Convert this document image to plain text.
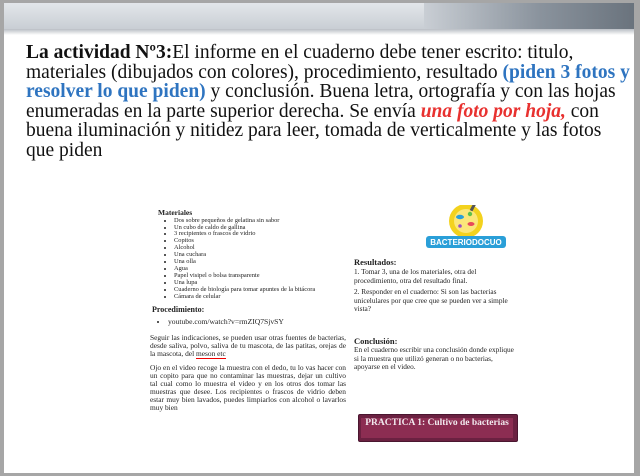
La actividad Nº3:El informe en el cuaderno debe tener escrito: titulo, materiales (dibujados con colores), procedimiento, resultado (piden 3 fotos y resolver lo que piden) y conclusión. Buena letra, ortografía y con las hojas enumeradas en la parte superior derecha. Se envía una foto por hoja, con buena iluminación y nitidez para leer, tomada de verticalmente y las fotos que piden

Materiales
• Dos sobre pequeños de gelatina sin sabor
• Un cubo de caldo de gallina
• 3 recipientes o frascos de vidrio
• Copitos
• Alcohol
• Una cuchara
• Una olla
• Agua
• Papel visipel o bolsa transparente
• Una lupa
• Cuaderno de biología para tomar apuntes de la bitácora
• Cámara de celular
Procedimiento:
• youtube.com/watch?v=rmZIQ7SjvSY
Seguir las indicaciones, se pueden usar otras fuentes de bacterias, desde saliva, polvo, saliva de tu mascota, de las patitas, orejas de la mascota, del meson etc
Ojo en el video recoge la muestra con el dedo, tu lo vas hacer con un copito para que no contaminar las muestras, dejar un cultivo tal cual como lo muestra el video y en los otros dos tomar las muestras que desee. Los recipientes o frascos de vidrio deben estar muy bien lavados, puedes limpiarlos con alcohol o lavarlos muy bien
BACTERIODOCUO
Resultados:
1. Tomar 3, una de los materiales, otra del procedimiento, otra del resultado final.
2. Responder en el cuaderno: Si son las bacterias unicelulares por que cree que se pueden ver a simple vista?
Conclusión:
En el cuaderno escribir una conclusión donde explique si la muestra que utilizó generan o no bacterias, apoyarse en el video.
PRACTICA 1: Cultivo de bacterias
